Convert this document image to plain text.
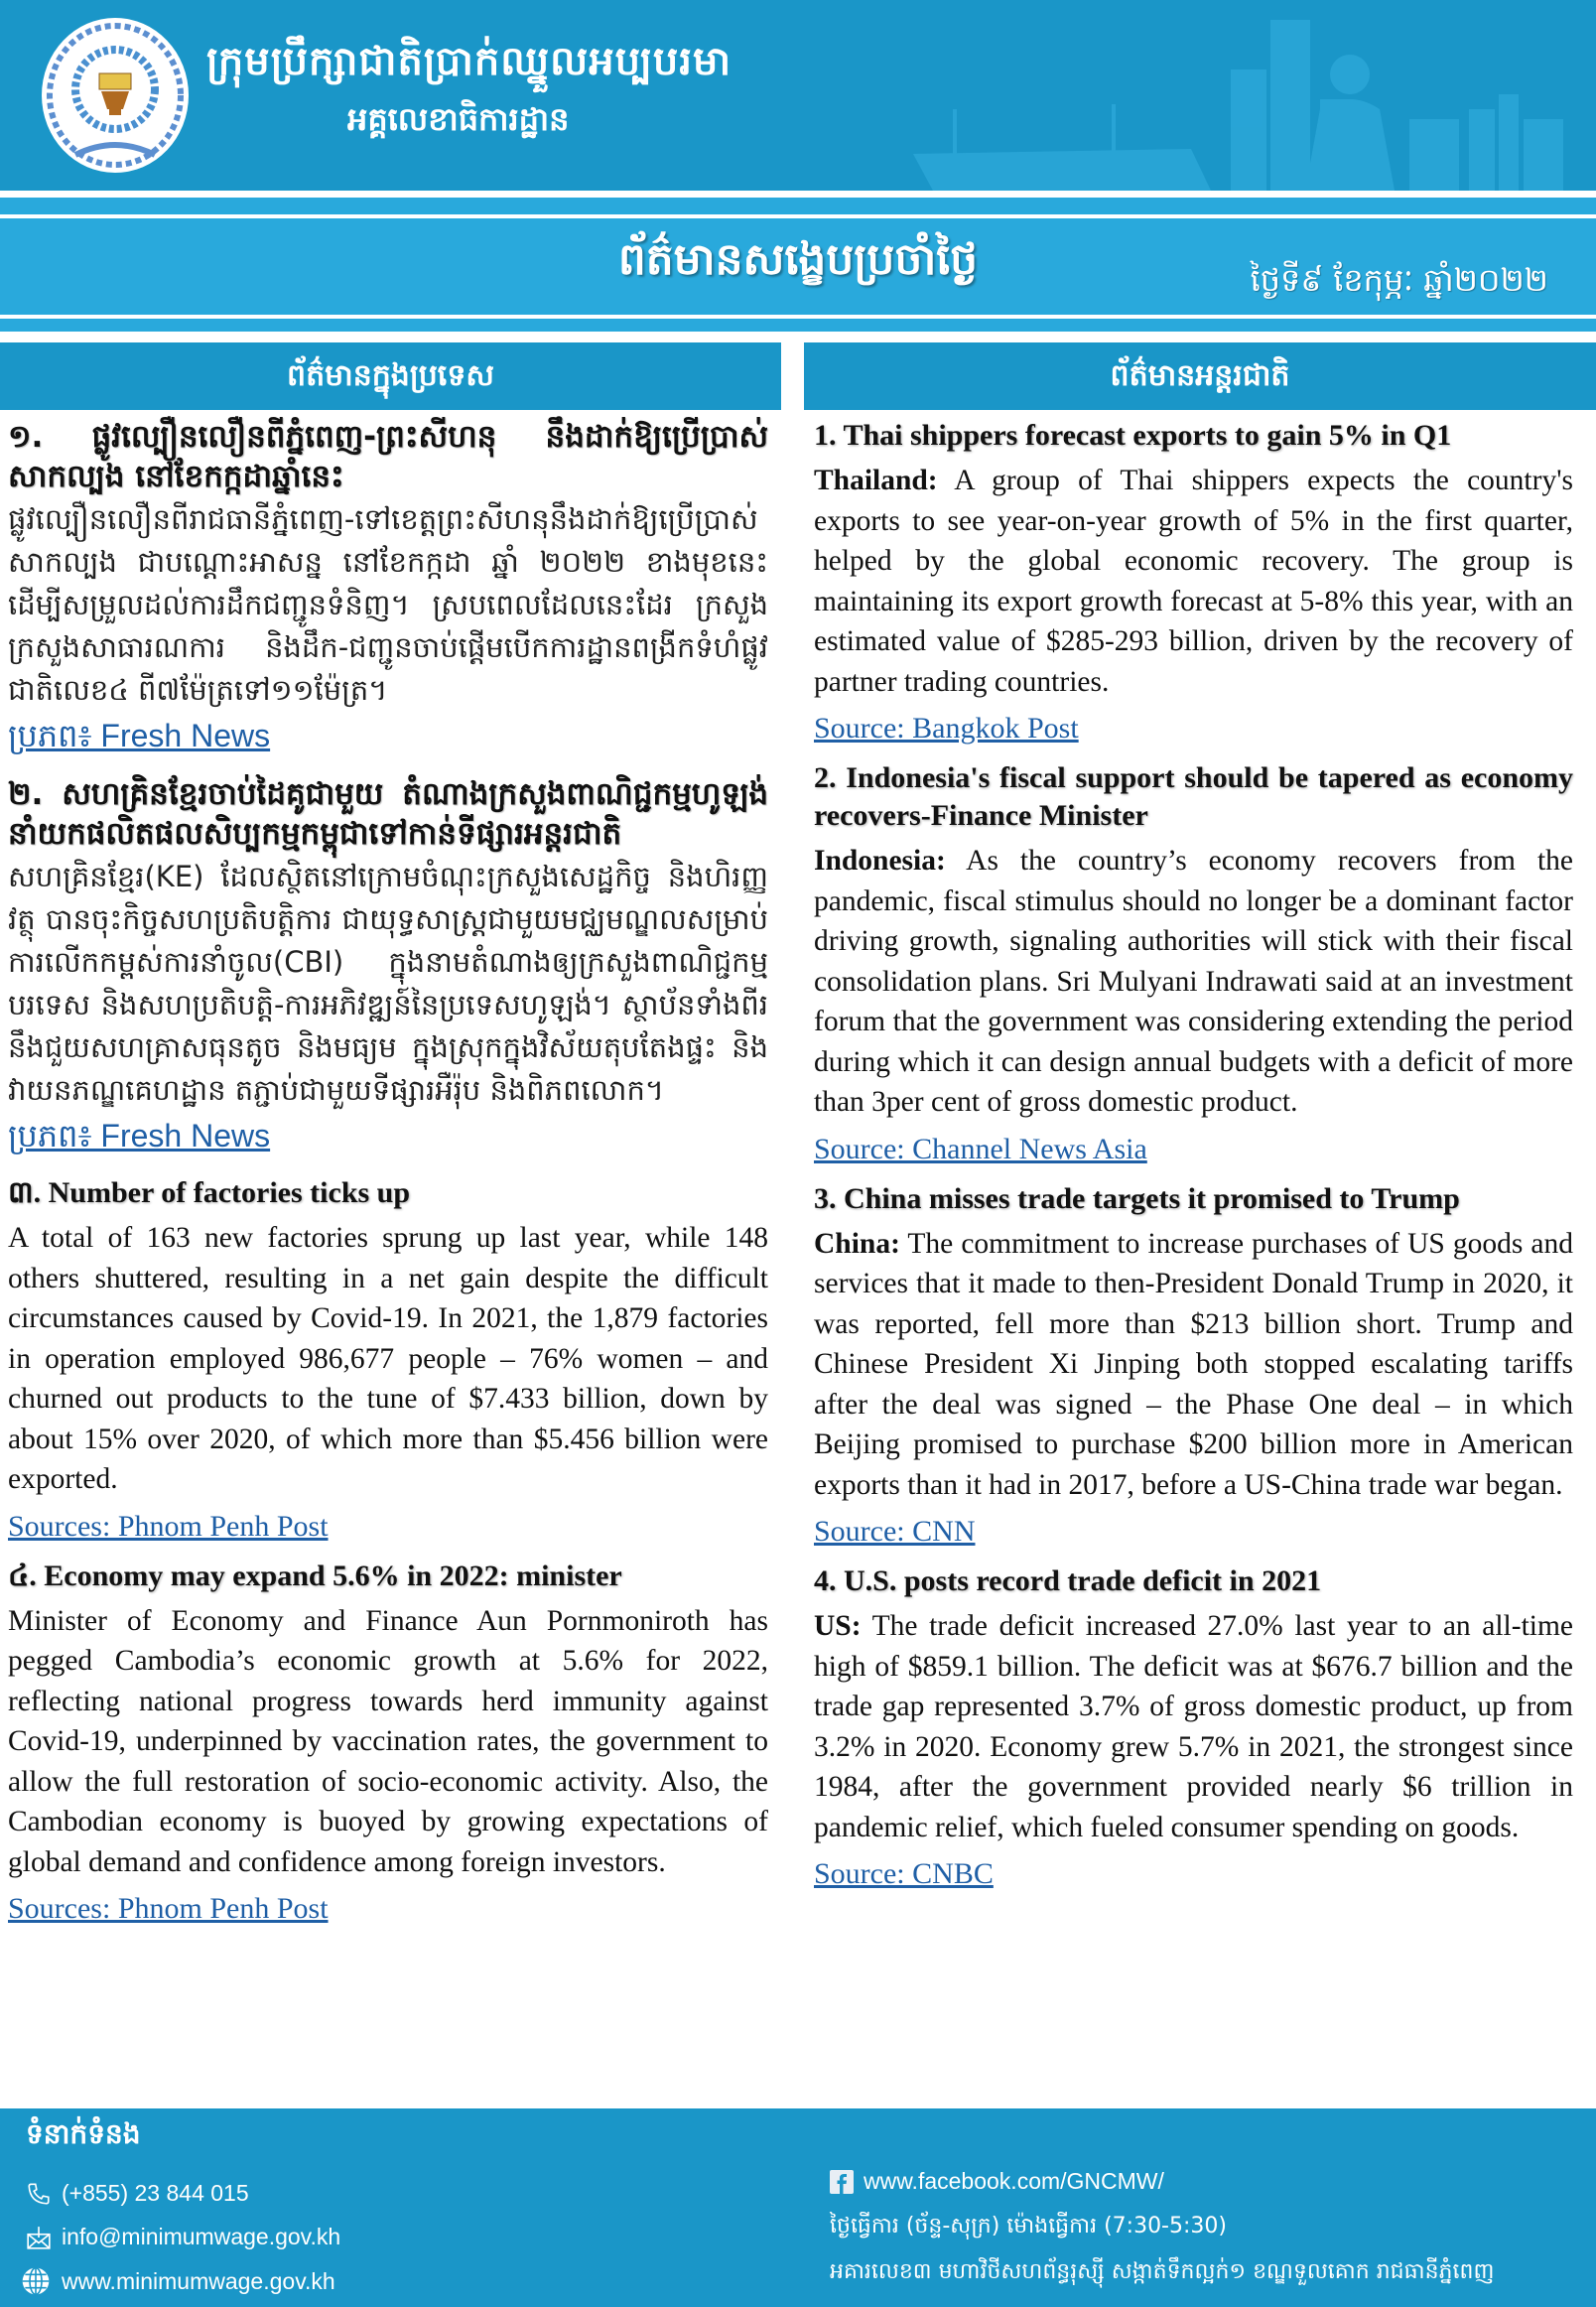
ក្រុមប្រឹក្សាជាតិប្រាក់ឈ្នួលអប្បបរមា
អគ្គលេខាធិការដ្ឋាន
ព័ត៌មានសង្ខេបប្រចាំថ្ងៃ	ថ្ងៃទី៩ ខែកុម្ភៈ ឆ្នាំ២០២២
ព័ត៌មានក្នុងប្រទេស	ព័ត៌មានអន្តរជាតិ
១. ផ្លូវល្បឿនលឿនពីភ្នំពេញ-ព្រះសីហនុ នឹងដាក់ឱ្យប្រើប្រាស់សាកល្បង នៅខែកក្កដាឆ្នាំនេះ

ផ្លូវល្បឿនលឿនពីរាជធានីភ្នំពេញ-ទៅខេត្តព្រះសីហនុនឹងដាក់ឱ្យប្រើប្រាស់សាកល្បង ជាបណ្ដោះអាសន្ន នៅខែកក្កដា ឆ្នាំ ២០២២ ខាងមុខនេះ ដើម្បីសម្រួលដល់ការដឹកជញ្ជូនទំនិញ។ ស្របពេលដែលនេះដែរ ក្រសួងក្រសួងសាធារណការ និងដឹក-ជញ្ជូនចាប់ផ្ដើមបើកការដ្ឋានពង្រីកទំហំផ្លូវជាតិលេខ៤ ពី៧ម៉ែត្រទៅ១១ម៉ែត្រ។

ប្រភព៖ Fresh News
២. សហគ្រិនខ្មែរចាប់ដៃគូជាមួយ តំណាងក្រសួងពាណិជ្ជកម្មហូឡង់នាំយកផលិតផលសិប្បកម្មកម្ពុជាទៅកាន់ទីផ្សារអន្តរជាតិ

សហគ្រិនខ្មែរ(KE) ដែលស្ថិតនៅក្រោមចំណុះក្រសួងសេដ្ឋកិច្ច និងហិរញ្ញវត្ថុ បានចុះកិច្ចសហប្រតិបត្តិការ ជាយុទ្ធសាស្ត្រជាមួយមជ្ឈមណ្ឌលសម្រាប់ការលើកកម្ពស់ការនាំចូល(CBI) ក្នុងនាមតំណាងឲ្យក្រសួងពាណិជ្ជកម្មបរទេស និងសហប្រតិបត្តិ-ការអភិវឌ្ឍន៍នៃប្រទេសហូឡង់។ ស្ថាប័នទាំងពីរនឹងជួយសហគ្រាសធុនតូច និងមធ្យម ក្នុងស្រុកក្នុងវិស័យតុបតែងផ្ទះ និងវាយនភណ្ឌគេហដ្ឋាន តភ្ជាប់ជាមួយទីផ្សារអឺរ៉ុប និងពិភពលោក។

ប្រភព៖ Fresh News
៣. Number of factories ticks up

A total of 163 new factories sprung up last year, while 148 others shuttered, resulting in a net gain despite the difficult circumstances caused by Covid-19. In 2021, the 1,879 factories in operation employed 986,677 people – 76% women – and churned out products to the tune of $7.433 billion, down by about 15% over 2020, of which more than $5.456 billion were exported.

Sources: Phnom Penh Post
៤. Economy may expand 5.6% in 2022: minister

Minister of Economy and Finance Aun Pornmoniroth has pegged Cambodia’s economic growth at 5.6% for 2022, reflecting national progress towards herd immunity against Covid-19, underpinned by vaccination rates, the government to allow the full restoration of socio-economic activity. Also, the Cambodian economy is buoyed by growing expectations of global demand and confidence among foreign investors.

Sources: Phnom Penh Post
1. Thai shippers forecast exports to gain 5% in Q1

Thailand: A group of Thai shippers expects the country's exports to see year-on-year growth of 5% in the first quarter, helped by the global economic recovery. The group is maintaining its export growth forecast at 5-8% this year, with an estimated value of $285-293 billion, driven by the recovery of partner trading countries.

Source: Bangkok Post
2. Indonesia's fiscal support should be tapered as economy recovers-Finance Minister

Indonesia: As the country’s economy recovers from the pandemic, fiscal stimulus should no longer be a dominant factor driving growth, signaling authorities will stick with their fiscal consolidation plans. Sri Mulyani Indrawati said at an investment forum that the government was considering extending the period during which it can design annual budgets with a deficit of more than 3per cent of gross domestic product.

Source: Channel News Asia
3. China misses trade targets it promised to Trump

China: The commitment to increase purchases of US goods and services that it made to then-President Donald Trump in 2020, it was reported, fell more than $213 billion short. Trump and Chinese President Xi Jinping both stopped escalating tariffs after the deal was signed – the Phase One deal – in which Beijing promised to purchase $200 billion more in American exports than it had in 2017, before a US-China trade war began.

Source: CNN
4. U.S. posts record trade deficit in 2021

US: The trade deficit increased 27.0% last year to an all-time high of $859.1 billion. The deficit was at $676.7 billion and the trade gap represented 3.7% of gross domestic product, up from 3.2% in 2020. Economy grew 5.7% in 2021, the strongest since 1984, after the government provided nearly $6 trillion in pandemic relief, which fueled consumer spending on goods.

Source: CNBC
ទំនាក់ទំនង
(+855) 23 844 015
info@minimumwage.gov.kh
www.minimumwage.gov.kh
www.facebook.com/GNCMW/
ថ្ងៃធ្វើការ (ច័ន្ទ-សុក្រ) ម៉ោងធ្វើការ (7:30-5:30)
អគារលេខ៣ មហាវិថីសហព័ន្ធរុស្ស៊ី សង្កាត់ទឹកល្អក់១ ខណ្ឌទួលគោក រាជធានីភ្នំពេញ
